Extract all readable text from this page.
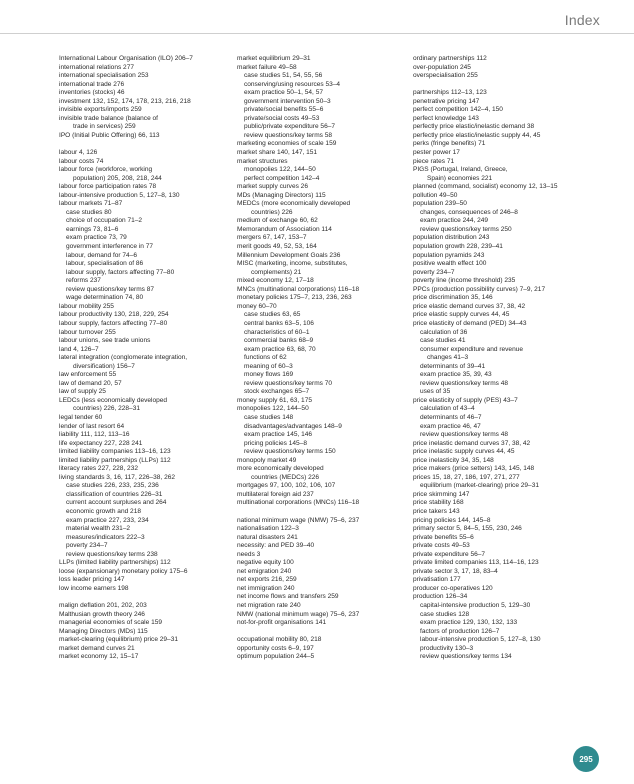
Index
International Labour Organisation (ILO) 206–7
international relations 277
international specialisation 253
international trade 276
inventories (stocks) 46
investment 132, 152, 174, 178, 213, 216, 218
invisible exports/imports 259
invisible trade balance (balance of
trade in services) 259
IPO (Initial Public Offering) 66, 113
labour 4, 126
labour costs 74
labour force (workforce, working
population) 205, 208, 218, 244
labour force participation rates 78
labour-intensive production 5, 127–8, 130
labour markets 71–87
case studies 80
choice of occupation 71–2
earnings 73, 81–6
exam practice 73, 79
government interference in 77
labour, demand for 74–6
labour, specialisation of 86
labour supply, factors affecting 77–80
reforms 237
review questions/key terms 87
wage determination 74, 80
labour mobility 255
labour productivity 130, 218, 229, 254
labour supply, factors affecting 77–80
labour turnover 255
labour unions, see trade unions
land 4, 126–7
lateral integration (conglomerate integration,
diversification) 156–7
law enforcement 55
law of demand 20, 57
law of supply 25
LEDCs (less economically developed
countries) 226, 228–31
legal tender 60
lender of last resort 64
liability 111, 112, 113–16
life expectancy 227, 228 241
limited liability companies 113–16, 123
limited liability partnerships (LLPs) 112
literacy rates 227, 228, 232
living standards 3, 16, 117, 226–38, 262
case studies 226, 233, 235, 236
classification of countries 226–31
current account surpluses and 264
economic growth and 218
exam practice 227, 233, 234
material wealth 231–2
measures/indicators 222–3
poverty 234–7
review questions/key terms 238
LLPs (limited liability partnerships) 112
loose (expansionary) monetary policy 175–6
loss leader pricing 147
low income earners 198
malign deflation 201, 202, 203
Malthusian growth theory 246
managerial economies of scale 159
Managing Directors (MDs) 115
market-clearing (equilibrium) price 29–31
market demand curves 21
market economy 12, 15–17
market equilibrium 29–31
market failure 49–58
case studies 51, 54, 55, 56
conserving/using resources 53–4
exam practice 50–1, 54, 57
government intervention 50–3
private/social benefits 55–6
private/social costs 49–53
public/private expenditure 56–7
review questions/key terms 58
marketing economies of scale 159
market share 140, 147, 151
market structures
monopolies 122, 144–50
perfect competition 142–4
market supply curves 26
MDs (Managing Directors) 115
MEDCs (more economically developed
countries) 226
medium of exchange 60, 62
Memorandum of Association 114
mergers 67, 147, 153–7
merit goods 49, 52, 53, 164
Millennium Development Goals 236
MISC (marketing, income, substitutes,
complements) 21
mixed economy 12, 17–18
MNCs (multinational corporations) 116–18
monetary policies 175–7, 213, 236, 263
money 60–70
case studies 63, 65
central banks 63–5, 106
characteristics of 60–1
commercial banks 68–9
exam practice 63, 68, 70
functions of 62
meaning of 60–3
money flows 169
review questions/key terms 70
stock exchanges 65–7
money supply 61, 63, 175
monopolies 122, 144–50
case studies 148
disadvantages/advantages 148–9
exam practice 145, 146
pricing policies 145–8
review questions/key terms 150
monopoly market 49
more economically developed
countries (MEDCs) 226
mortgages 97, 100, 102, 106, 107
multilateral foreign aid 237
multinational corporations (MNCs) 116–18
national minimum wage (NMW) 75–6, 237
nationalisation 122–3
natural disasters 241
necessity: and PED 39–40
needs 3
negative equity 100
net emigration 240
net exports 216, 259
net immigration 240
net income flows and transfers 259
net migration rate 240
NMW (national minimum wage) 75–6, 237
not-for-profit organisations 141
occupational mobility 80, 218
opportunity costs 6–9, 197
optimum population 244–5
ordinary partnerships 112
over-population 245
overspecialisation 255
partnerships 112–13, 123
penetrative pricing 147
perfect competition 142–4, 150
perfect knowledge 143
perfectly price elastic/inelastic demand 38
perfectly price elastic/inelastic supply 44, 45
perks (fringe benefits) 71
pester power 17
piece rates 71
PIGS (Portugal, Ireland, Greece,
Spain) economies 221
planned (command, socialist) economy 12, 13–15
pollution 49–50
population 239–50
changes, consequences of 246–8
exam practice 244, 249
review questions/key terms 250
population distribution 243
population growth 228, 239–41
population pyramids 243
positive wealth effect 100
poverty 234–7
poverty line (income threshold) 235
PPCs (production possibility curves) 7–9, 217
price discrimination 35, 146
price elastic demand curves 37, 38, 42
price elastic supply curves 44, 45
price elasticity of demand (PED) 34–43
calculation of 36
case studies 41
consumer expenditure and revenue
changes 41–3
determinants of 39–41
exam practice 35, 39, 43
review questions/key terms 48
uses of 35
price elasticity of supply (PES) 43–7
calculation of 43–4
determinants of 46–7
exam practice 46, 47
review questions/key terms 48
price inelastic demand curves 37, 38, 42
price inelastic supply curves 44, 45
price inelasticity 34, 35, 148
price makers (price setters) 143, 145, 148
prices 15, 18, 27, 186, 197, 271, 277
equilibrium (market-clearing) price 29–31
price skimming 147
price stability 168
price takers 143
pricing policies 144, 145–8
primary sector 5, 84–5, 155, 230, 246
private benefits 55–6
private costs 49–53
private expenditure 56–7
private limited companies 113, 114–16, 123
private sector 3, 17, 18, 83–4
privatisation 177
producer co-operatives 120
production 126–34
capital-intensive production 5, 129–30
case studies 128
exam practice 129, 130, 132, 133
factors of production 126–7
labour-intensive production 5, 127–8, 130
productivity 130–3
review questions/key terms 134
295
